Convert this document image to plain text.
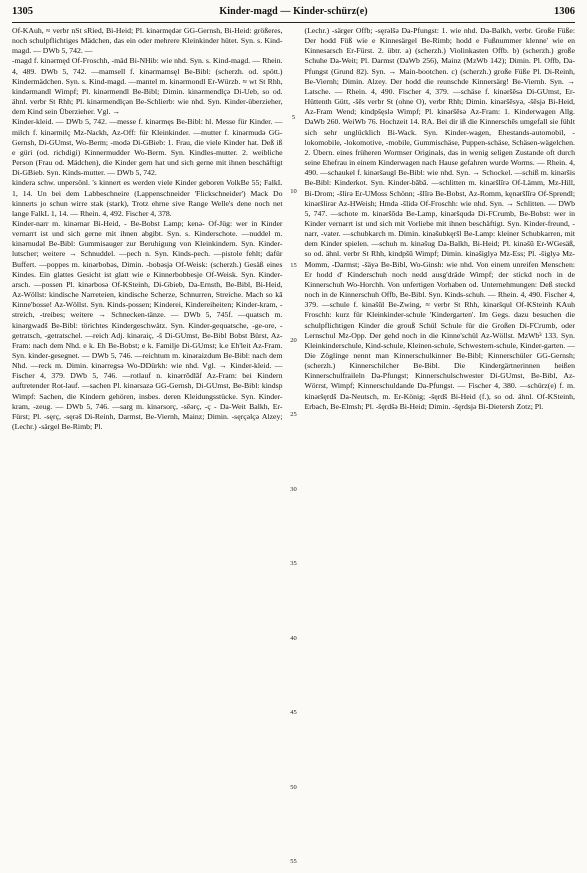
1305	Kinder-magd — Kinder-schürz(e)	1306

Of-KAuh, ≈ verbr nSt sRied, Bi-Heid; Pl. kinәrmędәr GG-Gernsh, Bi-Heid: größeres, noch schulpflichtiges Mädchen, das ein oder mehrere Kleinkinder hütet. Syn. s. Kind-magd. — DWb 5, 742. —

-magd f. kinәrmęd Of-Froschh, -mäd Bi-NHib: wie nhd. Syn. s. Kind-magd. — Rhein. 4, 489. DWb 5, 742. —mamsell f. kinәrmamsęl Be-Bibl: (scherzh. od. spött.) Kindermädchen. Syn. s. Kind-magd. —mantel m. kinәrmondl Er-Würzb. ≈ wt St Rhh, kindәrmandl Wimpf; Pl. kinәrmendl Be-Bibl; Dimin. kinәrmendlçә Di-Ueb, so od. ähnl. verbr St Rhh; Pl. kinәrmendlçәn Be-Schlierb: wie nhd. Syn. Kinder-überzieher, dem Kind sein Überzieher. Vgl. →

Kinder-kleid. — DWb 5, 742. —messe f. kinәrmęs Be-Bibl: hl. Messe für Kinder. —milch f. kinәrmilç Mz-Nackh, Az-Off: für Kleinkinder. —mutter f. kinәrmudә GG-Gernsh, Di-GUmst, Wo-Berm; -modә Di-GBieb: 1. Frau, die viele Kinder hat. Deß iß e güri (od. richdigi) Kinnermudder Wo-Berm. Syn. Kindles-mutter. 2. weibliche Person (Frau od. Mädchen), die Kinder gern hat und sich gerne mit ihnen beschäftigt Di-GBieb. Syn. Kinds-mutter. — DWb 5, 742.

kindera schw. unpersönl. 's kinnert es werden viele Kinder geboren VolkBe 55; FalkL 1, 14. Un bei dem Labbeschneire (Lappenschneider 'Flickschneider') Mack Do kinnerts jo schun wirre stak (stark), Trotz ehrne sive Range Welle's dene noch net lange FalkL 1, 14. — Rhein. 4, 492. Fischer 4, 378.

Kinder-narr m. kinәrnar Bi-Heid, - Be-Bobst Lamp; kenә- Of-Jüg: wer in Kinder vernarrt ist und sich gerne mit ihnen abgibt. Syn. s. Kinderschote. —nuddel m. kinәrnudәl Be-Bibl: Gummisauger zur Beruhigung von Kleinkindern. Syn. Kinder-lutscher; weitere → Schnuddel. —pech n. Syn. Kinds-pech. —pistole fehlt; dafür Buffert. —poppes m. kinәrbobәs, Dimin. -bobәsjә Of-Weisk: (scherzh.) Gesäß eines Kindes. Ein glattes Gesicht ist glatt wie e Kinnerbobbesje Of-Weisk. Syn. Kinder-arsch. —possen Pl. kinәrbosә Of-KSteinh, Di-Gbieb, Da-Ernsth, Be-Bibl, Bi-Heid, Az-Wöllst: kindische Narreteien, kindische Scherze, Schnurren, Streiche. Mach so kā Kinne'bosse! Az-Wöllst. Syn. Kinds-possen; Kinderei, Kindereiheiten; Kinder-kram, -streich, -treibes; weitere → Schnecken-tänze. — DWb 5, 745f. —quatsch m. kinәrgwadš Be-Bibl: törichtes Kindergeschwätz. Syn. Kinder-gequatsche, -ge-ore, -getratsch, -getratschel. —reich Adj. kinәraiç, -š Di-GUmst, Be-Bibl Bobst Bürst, Az-Fram: nach dem Nhd. e k. Eh Be-Bobst; e k. Familje Di-GUmst; k.e Eh'leit Az-Fram. Syn. kinder-gesegnet. — DWb 5, 746. —reichtum m. kinәraizdum Be-Bibl: nach dem Nhd. —reck m. Dimin. kinәrregsә Wo-DDürkh: wie nhd. Vgl. → Kinder-kleid. — Fischer 4, 379. DWb 5, 746. —rotlauf n. kinәrrōdlāf Az-Fram: bei Kindern auftretender Rot-lauf. —sachen Pl. kinәrsazә GG-Gernsh, Di-GUmst, Be-Bibl: kindsp Wimpf: Sachen, die Kindern gehören, insbes. deren Kleidungsstücke. Syn. Kinder-kram, -zeug. — DWb 5, 746. —sarg m. kinәrsorç, -sēәrç, -ç - Da-Weit Balkh, Er-Fürst; Pl. -sęrç, -sęrәš Di-Reinh, Darmst, Be-Viernh, Mainz; Dimin. -sęrçәlçә Alzey; (Lechr.) -särgel Be-Rimb; Pl.

5
10
15
20
25
30
35
40
45
50
55

(Lechr.) -särger Offb; -sęrәlšә Da-Pfungst: 1. wie nhd. Da-Balkh, verbr. Große Füße: Der hodd Füß wie e Kinnesärgel Be-Rimb; hodd e Fußnummer klenne' wie en Kinnesarsch Er-Fürst. 2. übtr. a) (scherzh.) Violinkasten Offb. b) (scherzh.) große Schuhe Da-Weit; Pl. Darmst (DaWb 256), Mainz (MzWb 142); Dimin. Pl. Offb, Da-Pfungst (Grund 82). Syn. → Main-bootchen. c) (scherzh.) große Füße Pl. Di-Reinh, Be-Viernh; Dimin. Alzey. Der hodd die reunschde Kinnersärg! Be-Viernh. Syn. → Latsche. — Rhein. 4, 490. Fischer 4, 379. —schäse f. kinәršēsә Di-GUmst, Er-Hüttenth Gütt, -šēs verbr St (ohne O), verbr Rhh; Dimin. kinәršēsyә, -šēsjә Bi-Heid, Az-Fram Wend; kindpšęslә Wimpf; Pl. kinәršēsә Az-Fram: 1. Kinderwagen Allg. DaWb 260. WeiWb 76. Hochzeit 14. RA. Bei dir iß die Kinnerschēs umgefall sie fühlt sich sehr unglücklich Bi-Wack. Syn. Kinder-wagen, Ehestands-automobil, -lokomobile, -lokomotive, -mobile, Gummischäse, Puppen-schäse, Schäsen-wägelchen. 2. Übern. eines früheren Wormser Originals, das in wenig seligen Zustande oft durch seine Ehefrau in einem Kinderwagen nach Hause gefahren wurde Worms. — Rhein. 4, 490. —schaukel f. kinәršaugl Be-Bibl: wie nhd. Syn. → Schockel. —schiß m. kinәršis Be-Bibl: Kinderkot. Syn. Kinder-bābā. —schlitten m. kinәršlīrә Of-Lämm, Mz-Hill, Bi-Drom; -šlirә Er-UMoss Schönn; -šlīrә Be-Bobst, Az-Romm, kęnәršlīrә Of-Sprendl; kinәršlirәr Az-HWeish; Hmda -šlidә Of-Froschh: wie nhd. Syn. → Schlitten. — DWb 5, 747. —schote m. kinәršōdә Be-Lamp, kinәršqudә Di-FCrumb, Be-Bobst: wer in Kinder vernarrt ist und sich mit Vorliebe mit ihnen beschäftigt. Syn. Kinder-freund, -narr, -vater. —schubkarch m. Dimin. kinәšubkęršl Be-Lamp: kleiner Schubkarren, mit dem Kinder spielen. —schuh m. kinәšug Da-Balkh, Bi-Heid; Pl. kinәšū Er-WGesäß, so od. ähnl. verbr St Rhh, kindpšū Wimpf; Dimin. kinәšiglyә Mz-Ess; Pl. -šiglyә Mz-Momm, -Darmst; -šäyә Be-Bibl, Wo-Ginsh: wie nhd. Von einem unreifen Menschen: Er hodd d' Kinderschuh noch nedd ausg'dräde Wimpf; der stickd noch in de Kinnerschuh Wo-Horchh. Von unfertigen Vorhaben od. Unternehmungen: Deß steckd noch in de Kinnerschuh Offb, Be-Bibl. Syn. Kinds-schuh. — Rhein. 4, 490. Fischer 4, 379. —schule f. kinәšūl Be-Zwing, ≈ verbr St Rhh, kinәršqul Of-KSteinh KAuh Froschh: kurz für Kleinkinder-schule 'Kindergarten'. Im Gegs. dazu besuchen die schulpflichtigen Kinder die grouß Schül Schule für die Großen Di-FCrumb, oder Lernschul Mz-Opp. Der gehd noch in die Kinne'schül Az-Wöllst. MzWb³ 133. Syn. Kleinkinderschule, Kind-schule, Kleinen-schule, Schwestern-schule, Kinder-garten. — Die Zöglinge nennt man Kinnerschulkinner Be-Bibl; Kinnerschüler GG-Gernsh; (scherzh.) Kinnerschilcher Be-Bibl. Die Kindergärtnerinnen heißen Kinnerschulfraileln Da-Pfungst; Kinnerschulschwester Di-GUmst, Be-Bibl, Az-Wörrst, Wimpf; Kinnerschuldande Da-Pfungst. — Fischer 4, 380. —schürz(e) f. m. kinәršęrdš Da-Neutsch, m. Er-König; -šęrdš Bi-Heid (f.), so od. ähnl. Of-KSteinh, Erbach, Be-Elmsh; Pl. -šęrdšә Bi-Heid; Dimin. -šęrdsjә Bi-Dietersh Zotz; Pl.
